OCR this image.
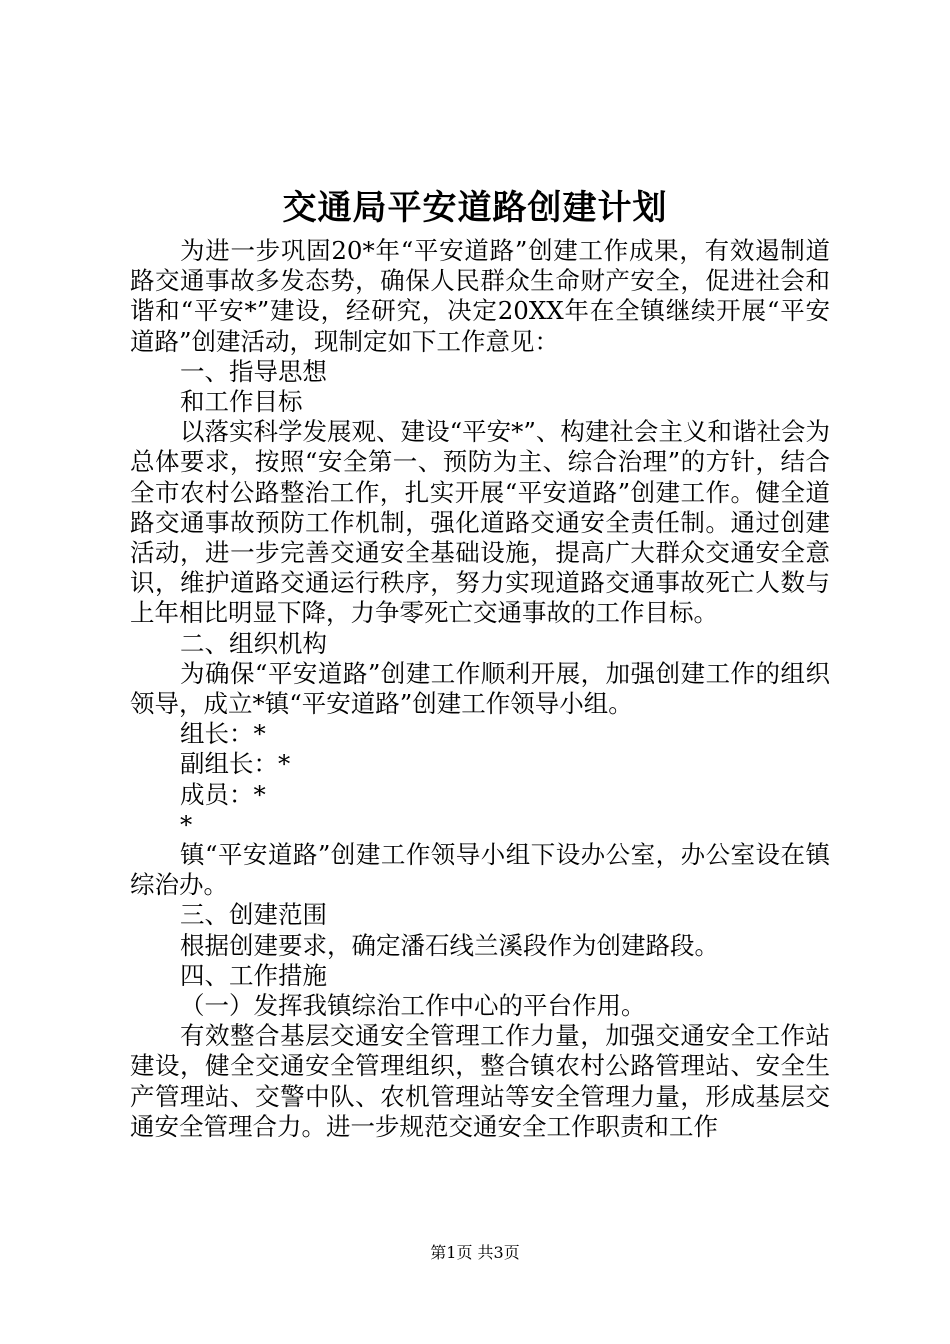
交通局平安道路创建计划

为进一步巩固20*年“平安道路”创建工作成果，有效遏制道路交通事故多发态势，确保人民群众生命财产安全，促进社会和谐和“平安*”建设，经研究，决定20XX年在全镇继续开展“平安道路”创建活动，现制定如下工作意见：

一、指导思想

和工作目标

以落实科学发展观、建设“平安*”、构建社会主义和谐社会为总体要求，按照“安全第一、预防为主、综合治理”的方针，结合全市农村公路整治工作，扎实开展“平安道路”创建工作。健全道路交通事故预防工作机制，强化道路交通安全责任制。通过创建活动，进一步完善交通安全基础设施，提高广大群众交通安全意识，维护道路交通运行秩序，努力实现道路交通事故死亡人数与上年相比明显下降，力争零死亡交通事故的工作目标。

二、组织机构

为确保“平安道路”创建工作顺利开展，加强创建工作的组织领导，成立*镇“平安道路”创建工作领导小组。

组长：*

副组长：*

成员：*

*

镇“平安道路”创建工作领导小组下设办公室，办公室设在镇综治办。

三、创建范围

根据创建要求，确定潘石线兰溪段作为创建路段。

四、工作措施

（一）发挥我镇综治工作中心的平台作用。

有效整合基层交通安全管理工作力量，加强交通安全工作站建设，健全交通安全管理组织，整合镇农村公路管理站、安全生产管理站、交警中队、农机管理站等安全管理力量，形成基层交通安全管理合力。进一步规范交通安全工作职责和工作

第1页 共3页
